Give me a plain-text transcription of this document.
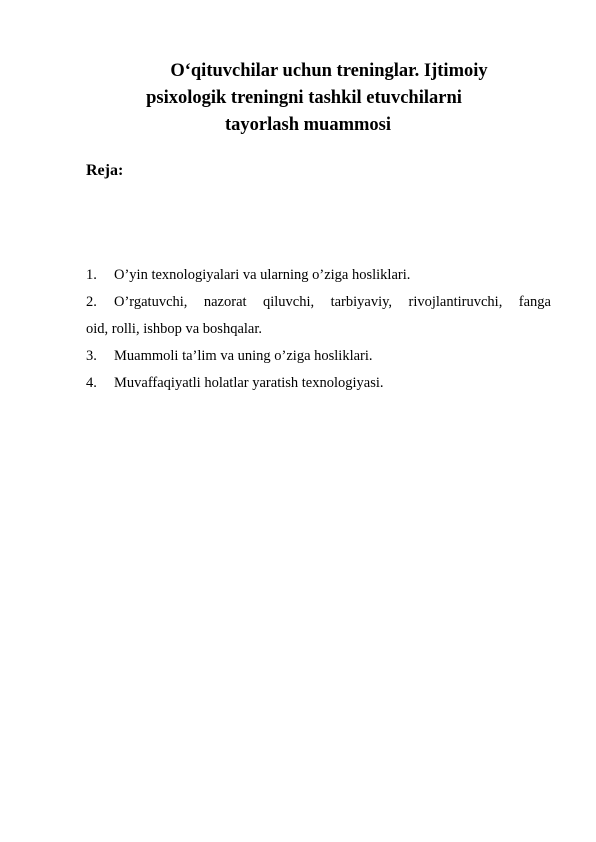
O‘qituvchilar uchun treninglar. Ijtimoiy
psixologik treningni tashkil etuvchilarni
tayorlash muammosi
Reja:

1. O’yin texnologiyalari va ularning o’ziga hosliklari.

2. O’rgatuvchi, nazorat qiluvchi, tarbiyaviy, rivojlantiruvchi, fanga
oid, rolli, ishbop va boshqalar.

3. Muammoli ta’lim va uning o’ziga hosliklari.

4. Muvaffaqiyatli holatlar yaratish texnologiyasi.
